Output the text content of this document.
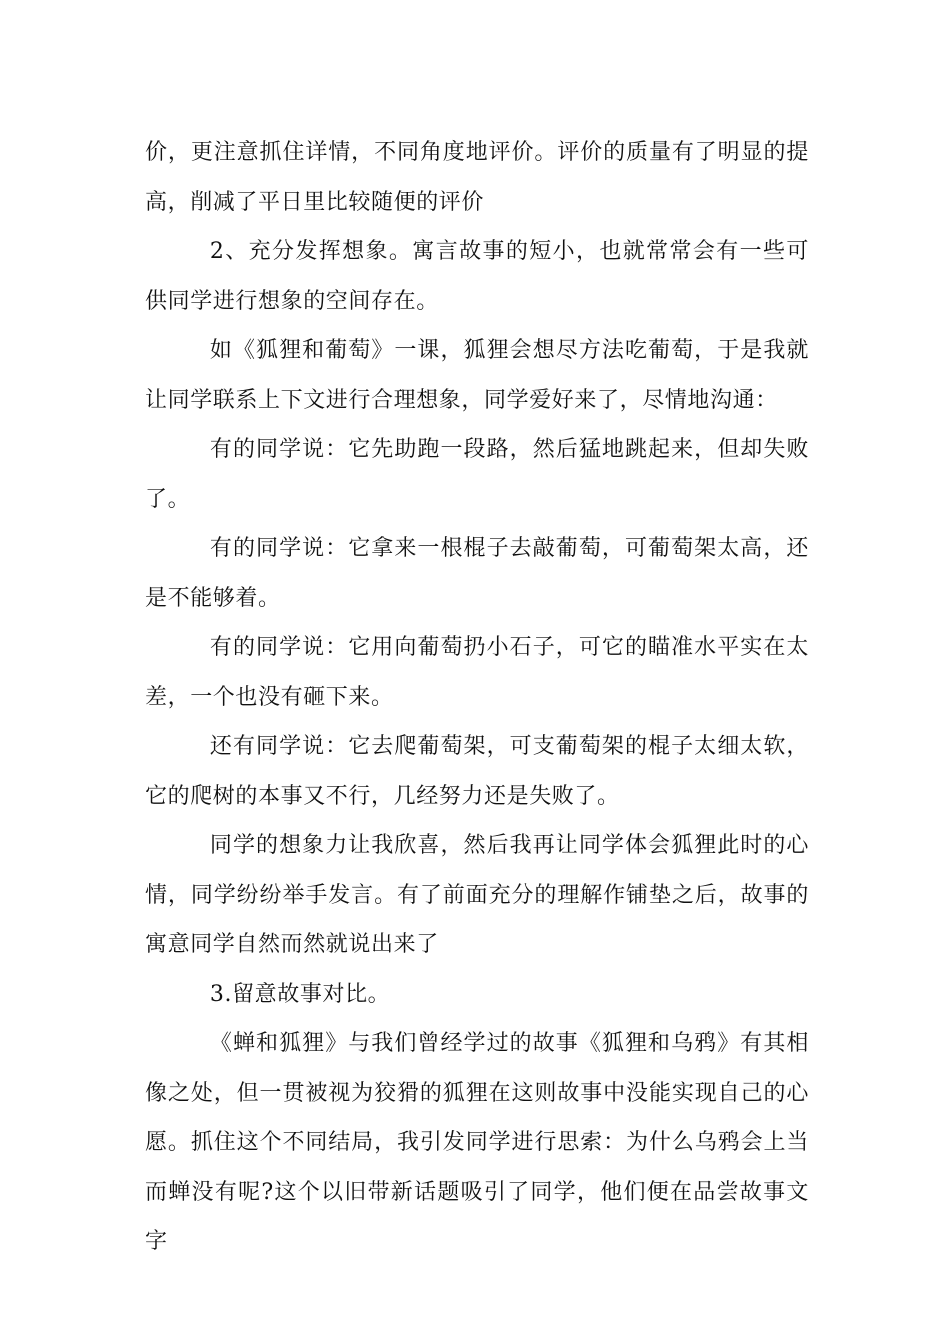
价，更注意抓住详情，不同角度地评价。评价的质量有了明显的提高，削减了平日里比较随便的评价

2、充分发挥想象。寓言故事的短小，也就常常会有一些可供同学进行想象的空间存在。

如《狐狸和葡萄》一课，狐狸会想尽方法吃葡萄，于是我就让同学联系上下文进行合理想象，同学爱好来了，尽情地沟通：

有的同学说：它先助跑一段路，然后猛地跳起来，但却失败了。

有的同学说：它拿来一根棍子去敲葡萄，可葡萄架太高，还是不能够着。

有的同学说：它用向葡萄扔小石子，可它的瞄准水平实在太差，一个也没有砸下来。

还有同学说：它去爬葡萄架，可支葡萄架的棍子太细太软，它的爬树的本事又不行，几经努力还是失败了。

同学的想象力让我欣喜，然后我再让同学体会狐狸此时的心情，同学纷纷举手发言。有了前面充分的理解作铺垫之后，故事的寓意同学自然而然就说出来了

3.留意故事对比。

《蝉和狐狸》与我们曾经学过的故事《狐狸和乌鸦》有其相像之处，但一贯被视为狡猾的狐狸在这则故事中没能实现自己的心愿。抓住这个不同结局，我引发同学进行思索：为什么乌鸦会上当而蝉没有呢?这个以旧带新话题吸引了同学，他们便在品尝故事文字
